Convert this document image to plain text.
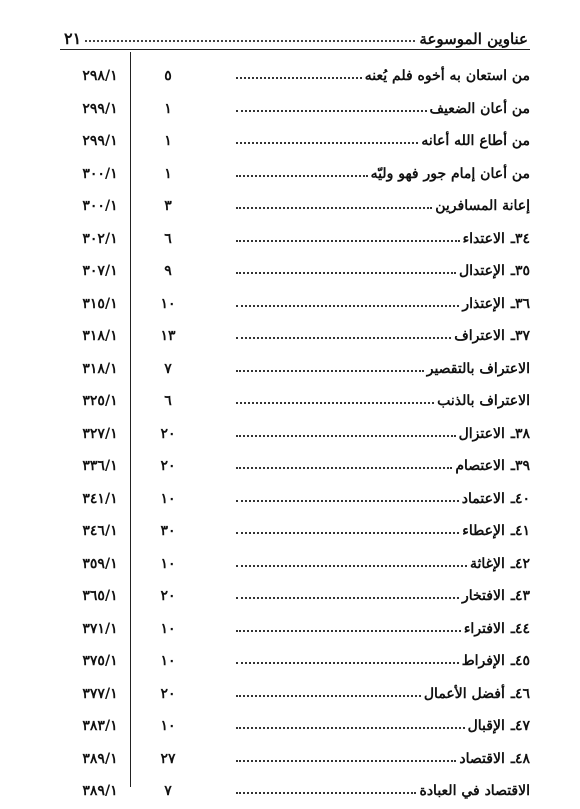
عناوين الموسوعة
٢١
من استعان به أخوه فلم يُعنه
٥
٢٩٨/١
من أعان الضعيف
١
٢٩٩/١
من أطاع الله أعانه
١
٢٩٩/١
من أعان إمام جور فهو وليّه
١
٣٠٠/١
إعانة المسافرين
٣
٣٠٠/١
٣٤ـ
الاعتداء
٦
٣٠٢/١
٣٥ـ
الإعتدال
٩
٣٠٧/١
٣٦ـ
الإعتذار
١٠
٣١٥/١
٣٧ـ
الاعتراف
١٣
٣١٨/١
الاعتراف بالتقصير
٧
٣١٨/١
الاعتراف بالذنب
٦
٣٢٥/١
٣٨ـ
الاعتزال
٢٠
٣٢٧/١
٣٩ـ
الاعتصام
٢٠
٣٣٦/١
٤٠ـ
الاعتماد
١٠
٣٤١/١
٤١ـ
الإعطاء
٣٠
٣٤٦/١
٤٢ـ
الإغاثة
١٠
٣٥٩/١
٤٣ـ
الافتخار
٢٠
٣٦٥/١
٤٤ـ
الافتراء
١٠
٣٧١/١
٤٥ـ
الإفراط
١٠
٣٧٥/١
٤٦ـ
أفضل الأعمال
٢٠
٣٧٧/١
٤٧ـ
الإقبال
١٠
٣٨٣/١
٤٨ـ
الاقتصاد
٢٧
٣٨٩/١
الاقتصاد في العبادة
٧
٣٨٩/١
